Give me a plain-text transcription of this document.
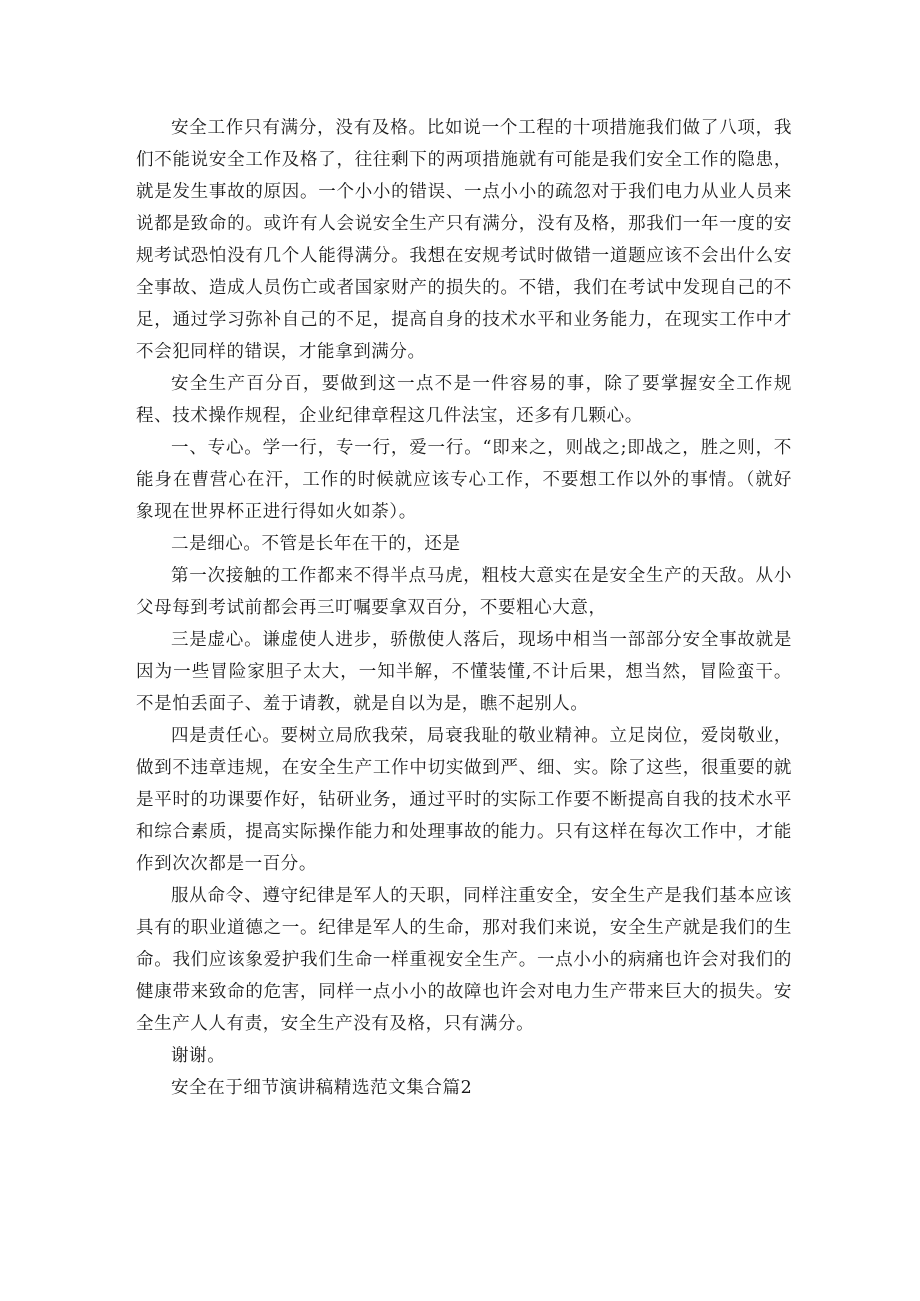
安全工作只有满分，没有及格。比如说一个工程的十项措施我们做了八项，我们不能说安全工作及格了，往往剩下的两项措施就有可能是我们安全工作的隐患，就是发生事故的原因。一个小小的错误、一点小小的疏忽对于我们电力从业人员来说都是致命的。或许有人会说安全生产只有满分，没有及格，那我们一年一度的安规考试恐怕没有几个人能得满分。我想在安规考试时做错一道题应该不会出什么安全事故、造成人员伤亡或者国家财产的损失的。不错，我们在考试中发现自己的不足，通过学习弥补自己的不足，提高自身的技术水平和业务能力，在现实工作中才不会犯同样的错误，才能拿到满分。

安全生产百分百，要做到这一点不是一件容易的事，除了要掌握安全工作规程、技术操作规程，企业纪律章程这几件法宝，还多有几颗心。

一、专心。学一行，专一行，爱一行。“即来之，则战之;即战之，胜之则，不能身在曹营心在汗，工作的时候就应该专心工作，不要想工作以外的事情。（就好象现在世界杯正进行得如火如荼）。

二是细心。不管是长年在干的，还是

第一次接触的工作都来不得半点马虎，粗枝大意实在是安全生产的天敌。从小父母每到考试前都会再三叮嘱要拿双百分，不要粗心大意，

三是虚心。谦虚使人进步，骄傲使人落后，现场中相当一部部分安全事故就是因为一些冒险家胆子太大，一知半解，不懂装懂,不计后果，想当然，冒险蛮干。不是怕丢面子、羞于请教，就是自以为是，瞧不起别人。

四是责任心。要树立局欣我荣，局衰我耻的敬业精神。立足岗位，爱岗敬业，做到不违章违规，在安全生产工作中切实做到严、细、实。除了这些，很重要的就是平时的功课要作好，钻研业务，通过平时的实际工作要不断提高自我的技术水平和综合素质，提高实际操作能力和处理事故的能力。只有这样在每次工作中，才能作到次次都是一百分。

服从命令、遵守纪律是军人的天职，同样注重安全，安全生产是我们基本应该具有的职业道德之一。纪律是军人的生命，那对我们来说，安全生产就是我们的生命。我们应该象爱护我们生命一样重视安全生产。一点小小的病痛也许会对我们的健康带来致命的危害，同样一点小小的故障也许会对电力生产带来巨大的损失。安全生产人人有责，安全生产没有及格，只有满分。

谢谢。

安全在于细节演讲稿精选范文集合篇2
